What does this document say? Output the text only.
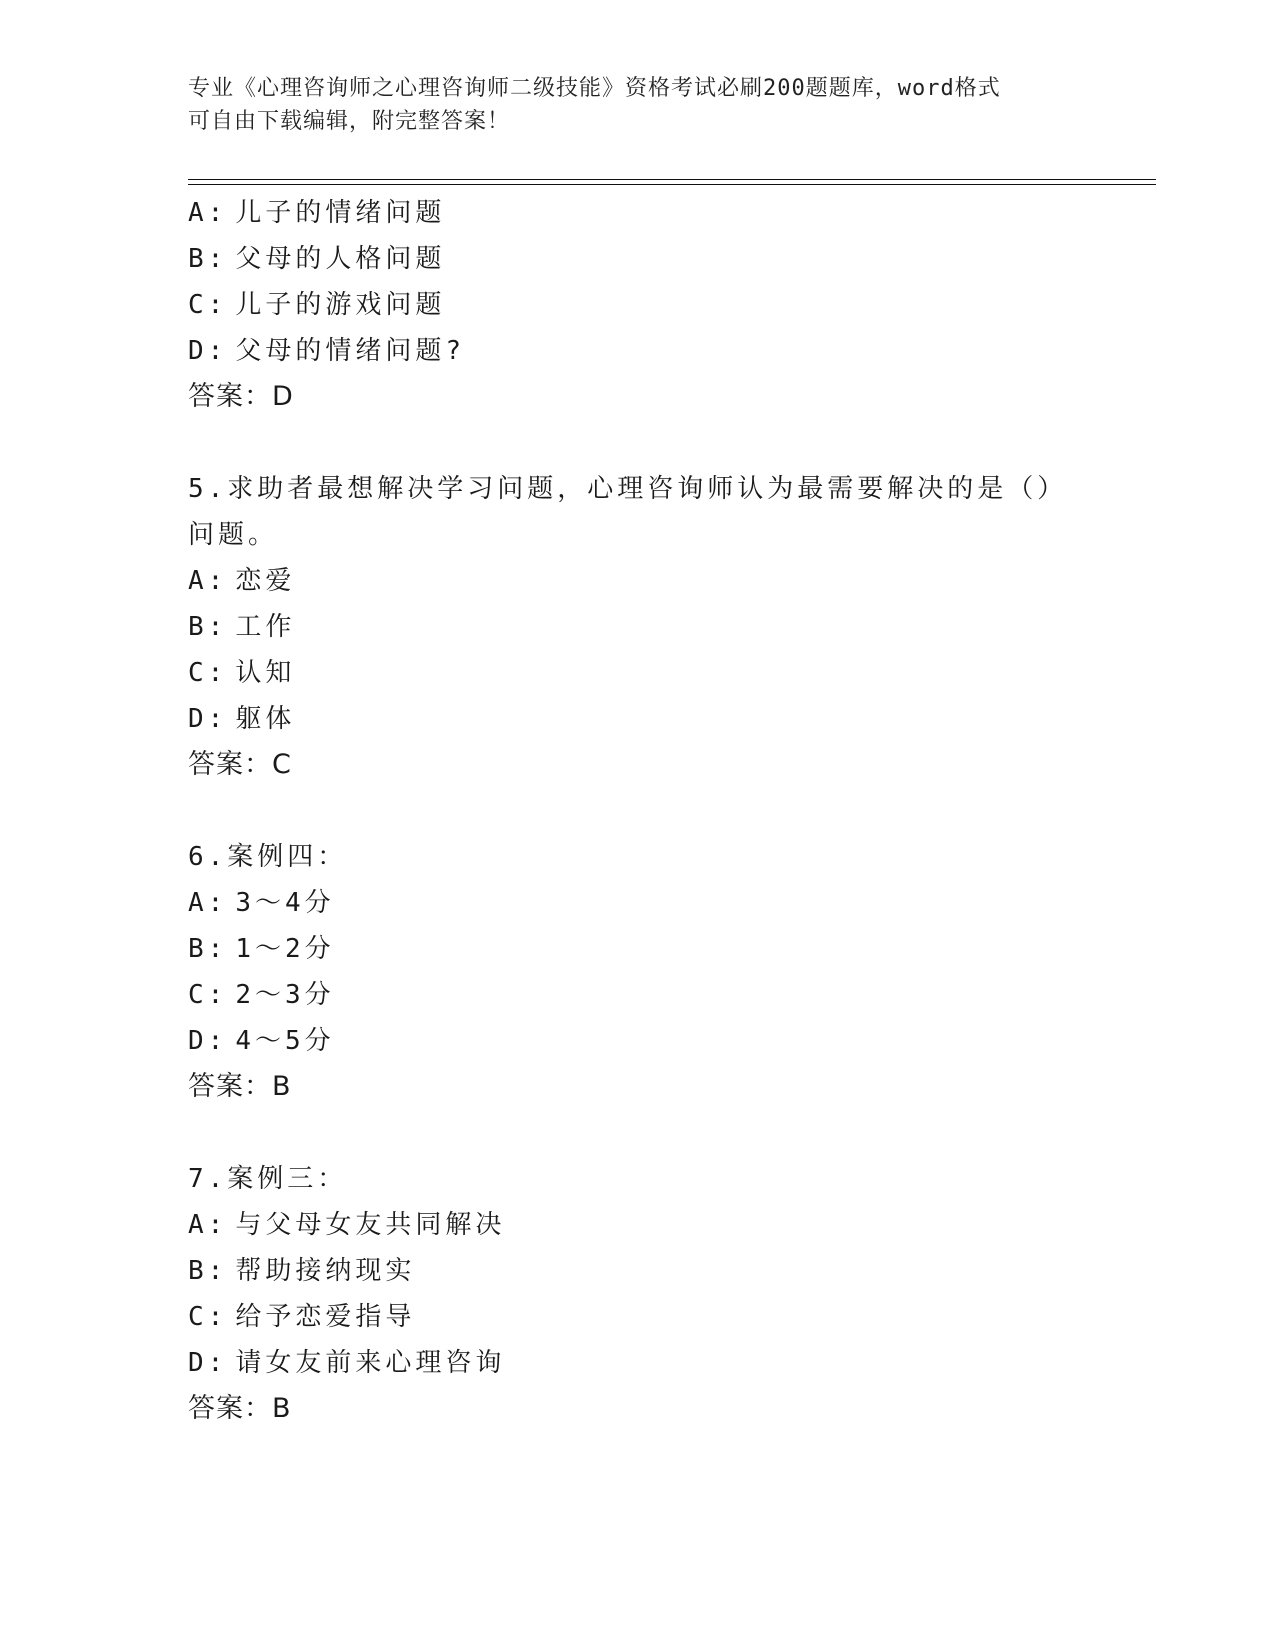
专业《心理咨询师之心理咨询师二级技能》资格考试必刷200题题库，word格式
可自由下载编辑，附完整答案！
A: 儿子的情绪问题
B: 父母的人格问题
C: 儿子的游戏问题
D: 父母的情绪问题?
答案：D
5.求助者最想解决学习问题，心理咨询师认为最需要解决的是（）问题。
A: 恋爱
B: 工作
C: 认知
D: 躯体
答案：C
6.案例四：
A: 3～4分
B: 1～2分
C: 2～3分
D: 4～5分
答案：B
7.案例三：
A: 与父母女友共同解决
B: 帮助接纳现实
C: 给予恋爱指导
D: 请女友前来心理咨询
答案：B
